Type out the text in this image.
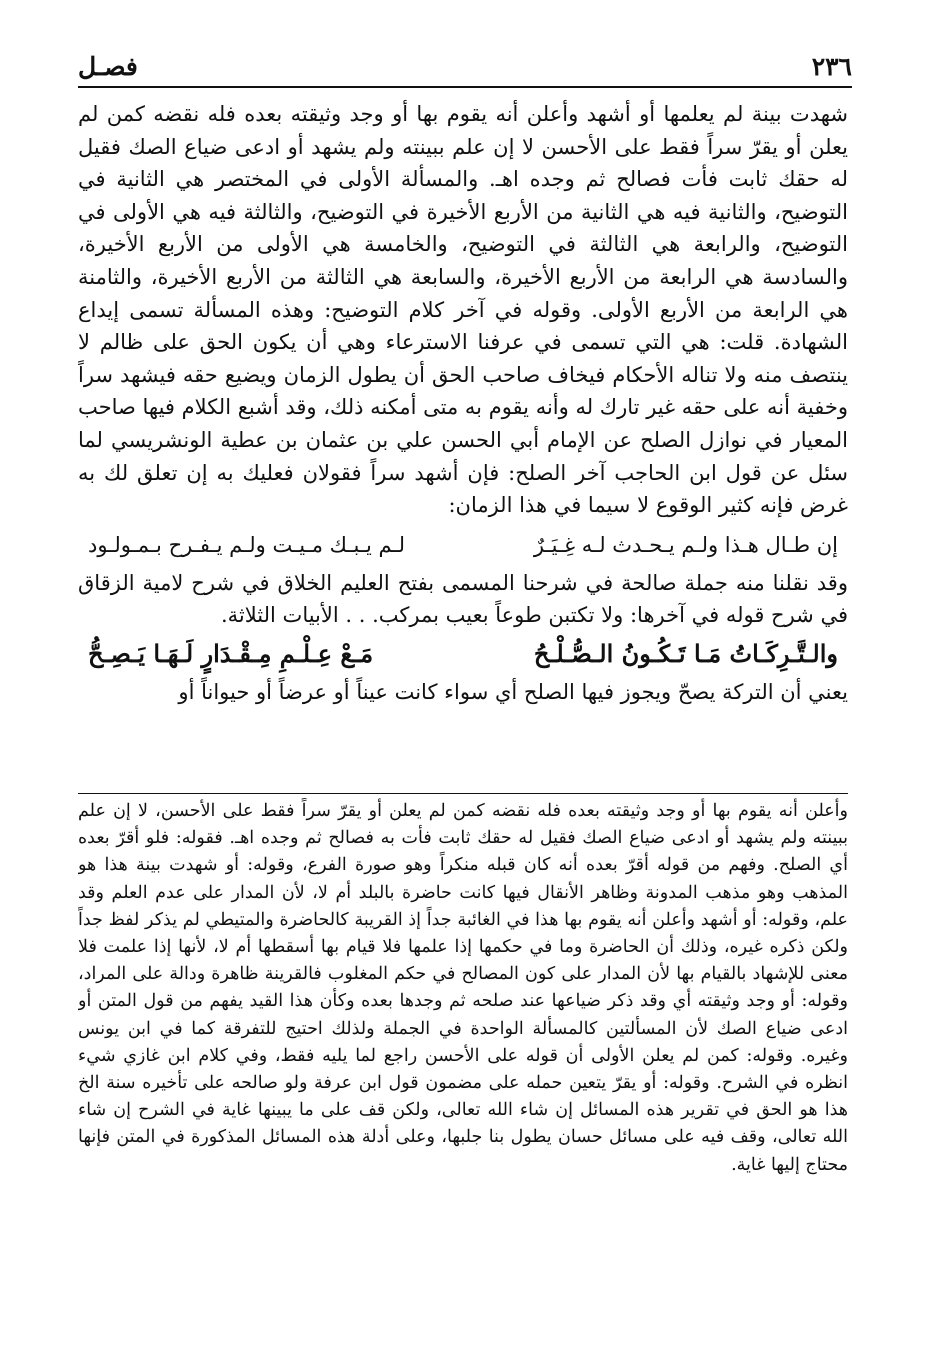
٢٣٦
فصـل

شهدت بينة لم يعلمها أو أشهد وأعلن أنه يقوم بها أو وجد وثيقته بعده فله نقضه كمن لم يعلن أو يقرّ سراً فقط على الأحسن لا إن علم ببينته ولم يشهد أو ادعى ضياع الصك فقيل له حقك ثابت فأت فصالح ثم وجده اهـ. والمسألة الأولى في المختصر هي الثانية في التوضيح، والثانية فيه هي الثانية من الأربع الأخيرة في التوضيح، والثالثة فيه هي الأولى في التوضيح، والرابعة هي الثالثة في التوضيح، والخامسة هي الأولى من الأربع الأخيرة، والسادسة هي الرابعة من الأربع الأخيرة، والسابعة هي الثالثة من الأربع الأخيرة، والثامنة هي الرابعة من الأربع الأولى. وقوله في آخر كلام التوضيح: وهذه المسألة تسمى إيداع الشهادة. قلت: هي التي تسمى في عرفنا الاسترعاء وهي أن يكون الحق على ظالم لا ينتصف منه ولا تناله الأحكام فيخاف صاحب الحق أن يطول الزمان ويضيع حقه فيشهد سراً وخفية أنه على حقه غير تارك له وأنه يقوم به متى أمكنه ذلك، وقد أشبع الكلام فيها صاحب المعيار في نوازل الصلح عن الإمام أبي الحسن علي بن عثمان بن عطية الونشريسي لما سئل عن قول ابن الحاجب آخر الصلح: فإن أشهد سراً فقولان فعليك به إن تعلق لك به غرض فإنه كثير الوقوع لا سيما في هذا الزمان:

إن طـال هـذا ولـم يـحـدث لـه غِـيَـرٌ
لـم يـبـك مـيـت ولـم يـفـرح بـمـولـود

وقد نقلنا منه جملة صالحة في شرحنا المسمى بفتح العليم الخلاق في شرح لامية الزقاق في شرح قوله في آخرها: ولا تكتبن طوعاً بعيب بمركب. . . الأبيات الثلاثة.

والـتَّـرِكَـاتُ مَـا تَـكُـونُ الـصُّـلْـحُ
مَـعْ عِـلْـمِ مِـقْـدَارٍ لَـهَـا يَـصِـحُّ

يعني أن التركة يصحّ ويجوز فيها الصلح أي سواء كانت عيناً أو عرضاً أو حيواناً أو

وأعلن أنه يقوم بها أو وجد وثيقته بعده فله نقضه كمن لم يعلن أو يقرّ سراً فقط على الأحسن، لا إن علم ببينته ولم يشهد أو ادعى ضياع الصك فقيل له حقك ثابت فأت به فصالح ثم وجده اهـ. فقوله: فلو أقرّ بعده أي الصلح. وفهم من قوله أقرّ بعده أنه كان قبله منكراً وهو صورة الفرع، وقوله: أو شهدت بينة هذا هو المذهب وهو مذهب المدونة وظاهر الأنقال فيها كانت حاضرة بالبلد أم لا، لأن المدار على عدم العلم وقد علم، وقوله: أو أشهد وأعلن أنه يقوم بها هذا في الغائبة جداً إذ القريبة كالحاضرة والمتيطي لم يذكر لفظ جداً ولكن ذكره غيره، وذلك أن الحاضرة وما في حكمها إذا علمها فلا قيام بها أسقطها أم لا، لأنها إذا علمت فلا معنى للإشهاد بالقيام بها لأن المدار على كون المصالح في حكم المغلوب فالقرينة ظاهرة ودالة على المراد، وقوله: أو وجد وثيقته أي وقد ذكر ضياعها عند صلحه ثم وجدها بعده وكأن هذا القيد يفهم من قول المتن أو ادعى ضياع الصك لأن المسألتين كالمسألة الواحدة في الجملة ولذلك احتيج للتفرقة كما في ابن يونس وغيره. وقوله: كمن لم يعلن الأولى أن قوله على الأحسن راجع لما يليه فقط، وفي كلام ابن غازي شيء انظره في الشرح. وقوله: أو يقرّ يتعين حمله على مضمون قول ابن عرفة ولو صالحه على تأخيره سنة الخ هذا هو الحق في تقرير هذه المسائل إن شاء الله تعالى، ولكن قف على ما يبينها غاية في الشرح إن شاء الله تعالى، وقف فيه على مسائل حسان يطول بنا جلبها، وعلى أدلة هذه المسائل المذكورة في المتن فإنها محتاج إليها غاية.
